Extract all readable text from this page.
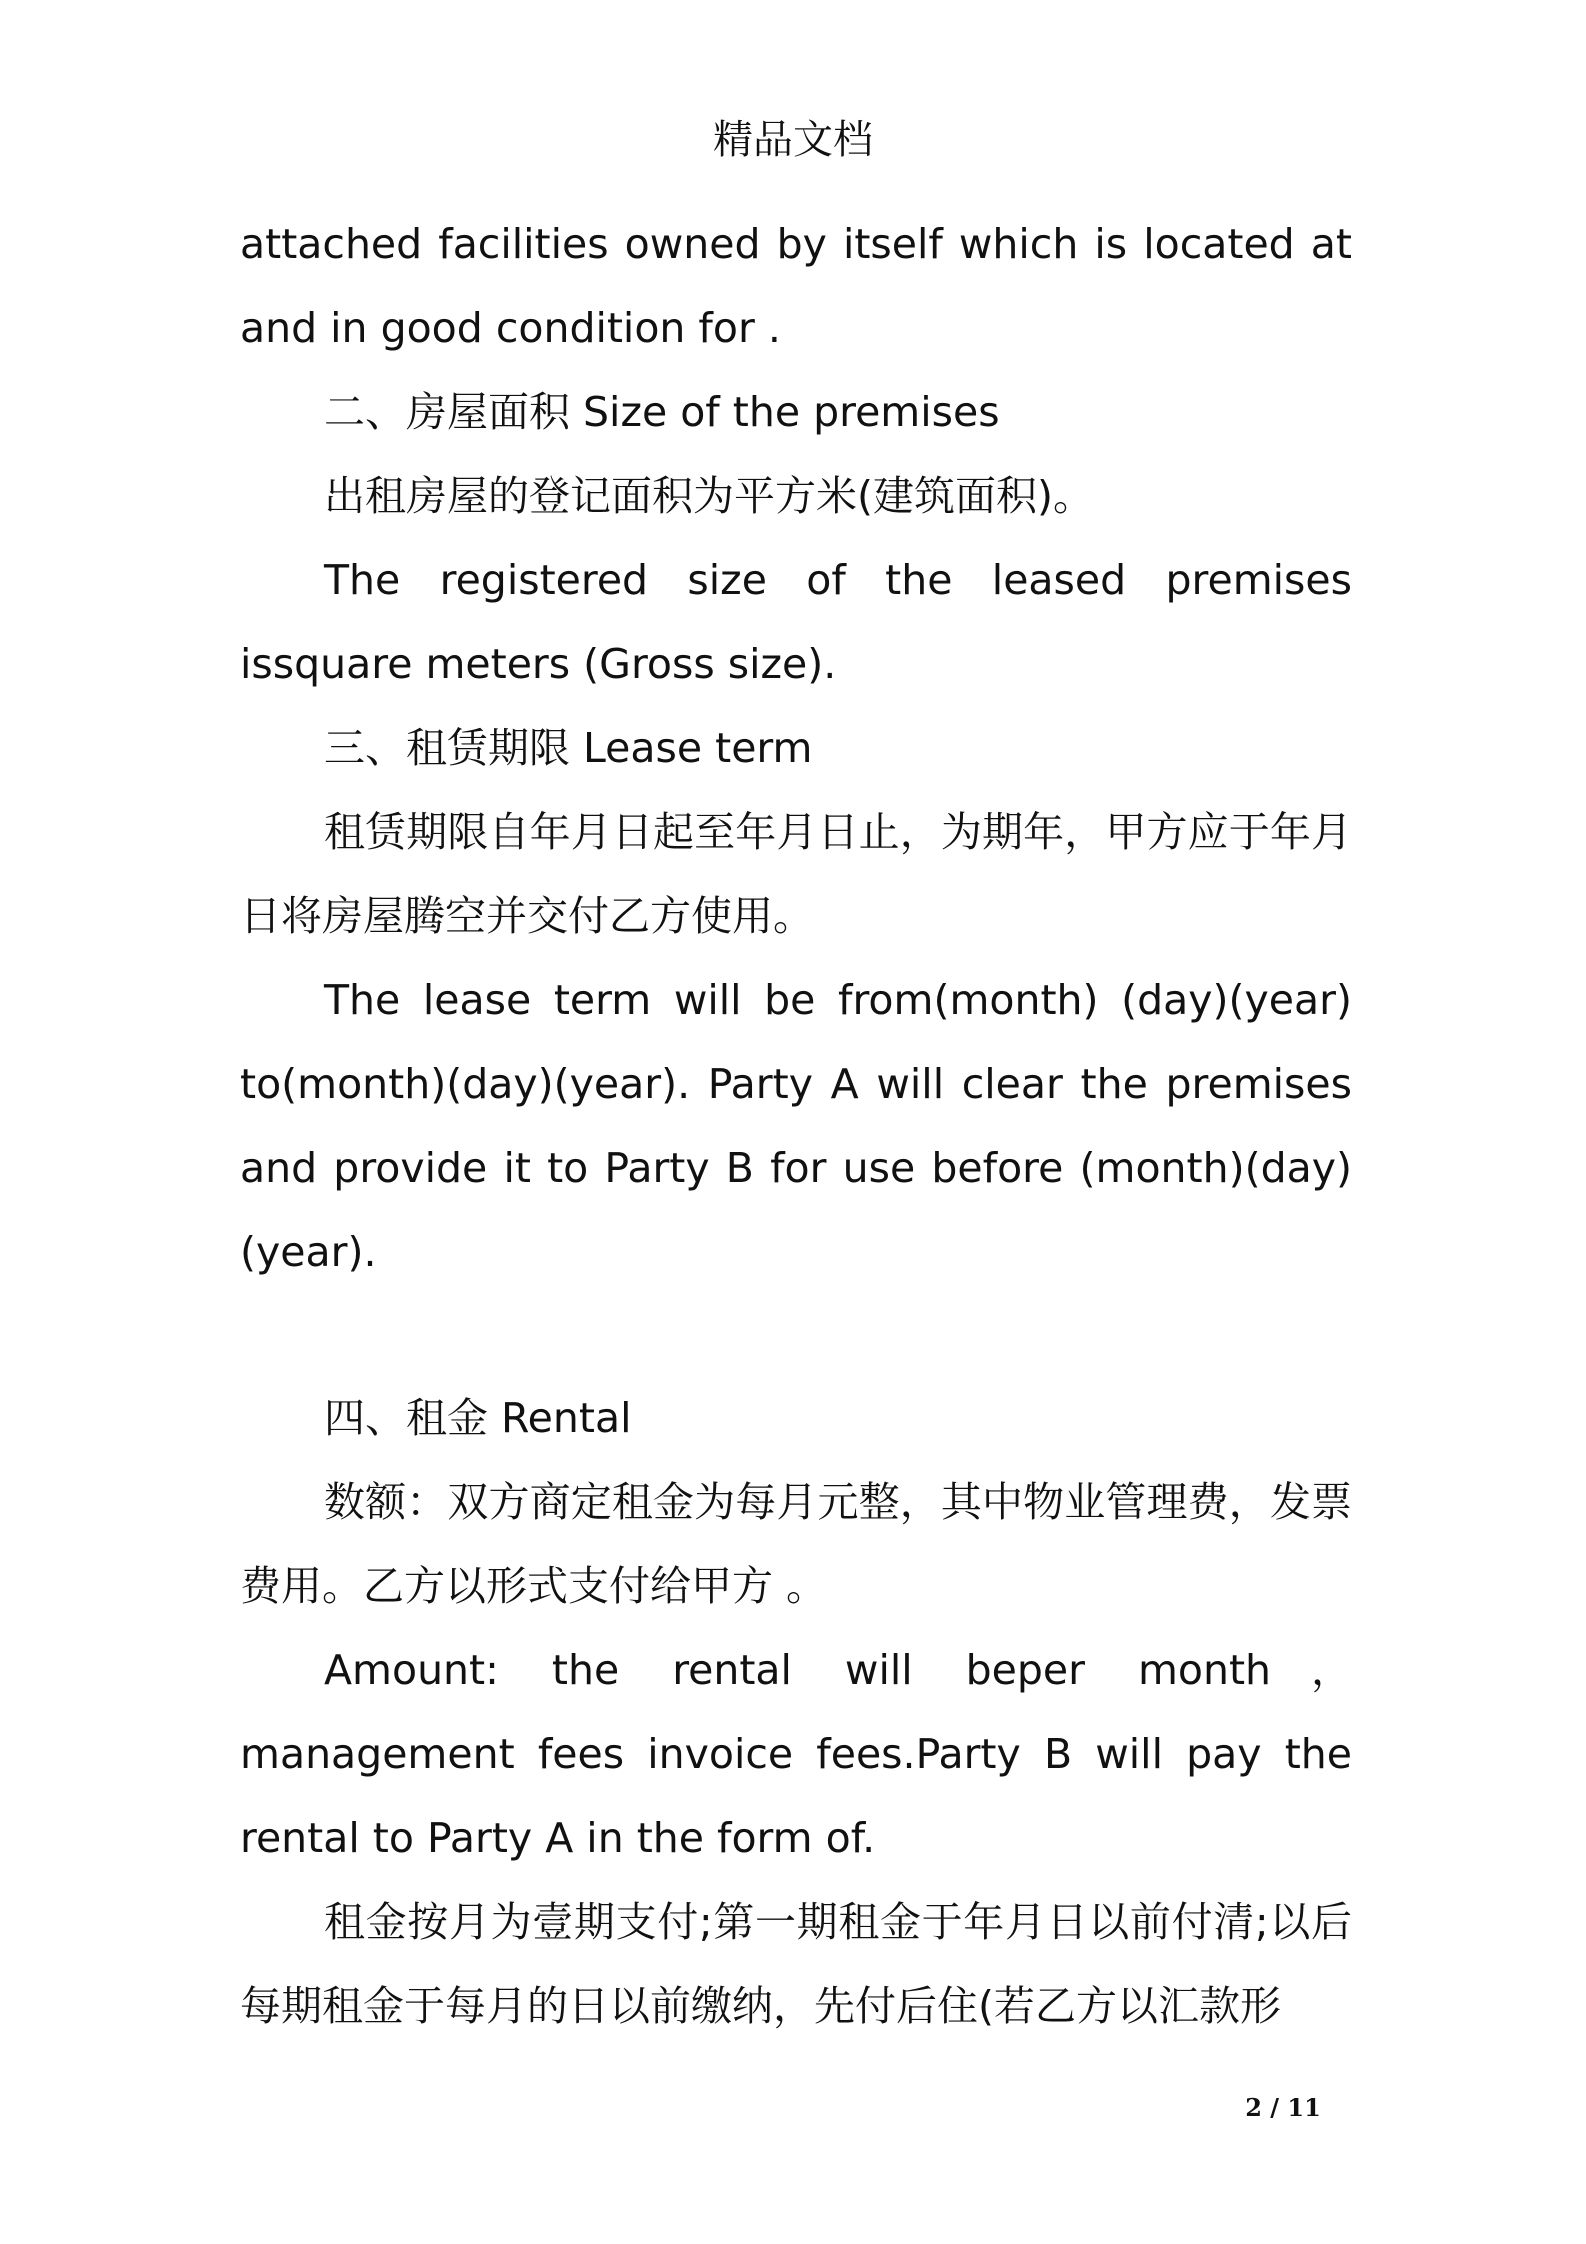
精品文档

attached facilities owned by itself which is located at and in good condition for .

二、房屋面积 Size of the premises

出租房屋的登记面积为平方米(建筑面积)。

The registered size of the leased premises issquare meters (Gross size).

三、租赁期限 Lease term

租赁期限自年月日起至年月日止，为期年，甲方应于年月日将房屋腾空并交付乙方使用。

The lease term will be from(month) (day)(year) to(month)(day)(year). Party A will clear the premises and provide it to Party B for use before (month)(day)(year).

四、租金 Rental

数额：双方商定租金为每月元整，其中物业管理费，发票费用。乙方以形式支付给甲方 。

Amount: the rental will beper month，management fees invoice fees.Party B will pay the rental to Party A in the form of.

租金按月为壹期支付;第一期租金于年月日以前付清;以后每期租金于每月的日以前缴纳，先付后住(若乙方以汇款形

2 / 11
